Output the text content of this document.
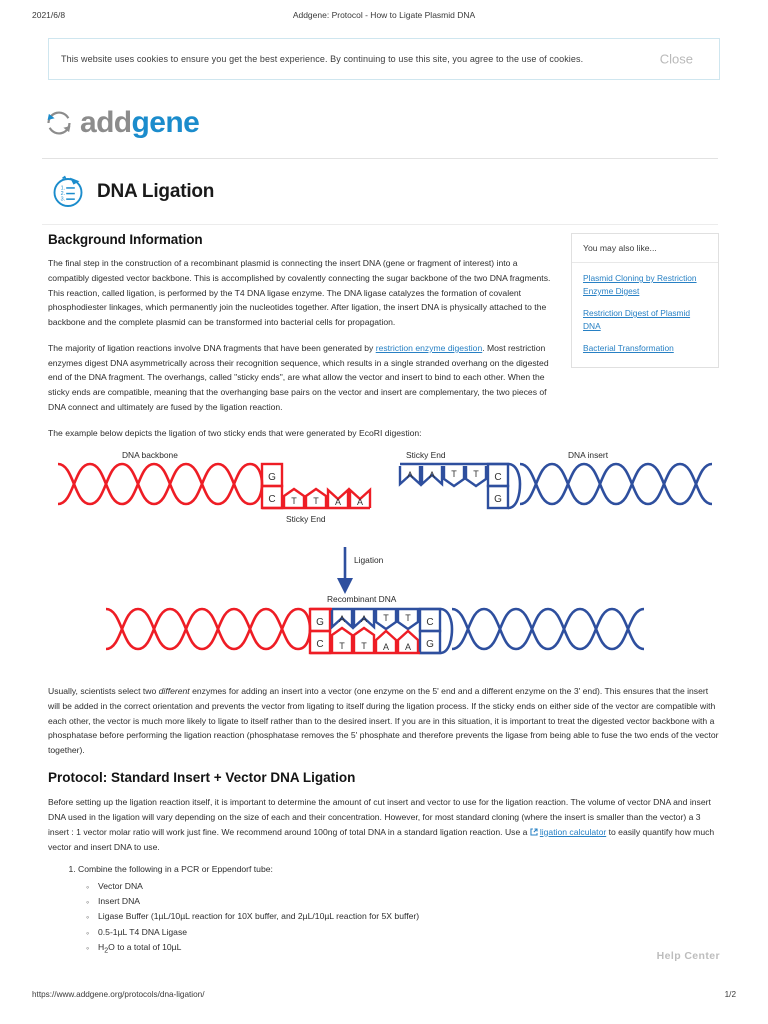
2021/6/8	Addgene: Protocol - How to Ligate Plasmid DNA
This website uses cookies to ensure you get the best experience. By continuing to use this site, you agree to the use of cookies.	Close
addgene
1.
2.
3. DNA Ligation
Background Information

The final step in the construction of a recombinant plasmid is connecting the insert DNA (gene or fragment of interest) into a compatibly digested vector backbone. This is accomplished by covalently connecting the sugar backbone of the two DNA fragments. This reaction, called ligation, is performed by the T4 DNA ligase enzyme. The DNA ligase catalyzes the formation of covalent phosphodiester linkages, which permanently join the nucleotides together. After ligation, the insert DNA is physically attached to the backbone and the complete plasmid can be transformed into bacterial cells for propagation.

The majority of ligation reactions involve DNA fragments that have been generated by restriction enzyme digestion. Most restriction enzymes digest DNA asymmetrically across their recognition sequence, which results in a single stranded overhang on the digested end of the DNA fragment. The overhangs, called "sticky ends", are what allow the vector and insert to bind to each other. When the sticky ends are compatible, meaning that the overhanging base pairs on the vector and insert are complementary, the two pieces of DNA connect and ultimately are fused by the ligation reaction.

The example below depicts the ligation of two sticky ends that were generated by EcoRI digestion:

You may also like...
Plasmid Cloning by Restriction Enzyme Digest
Restriction Digest of Plasmid DNA
Bacterial Transformation
G
C T T A A
A A T T C
G
G
C
A
T
A
T
T T
A A
C
G
DNA backbone
Sticky End
Sticky End	DNA insert
Ligation
Recombinant DNA

Usually, scientists select two different enzymes for adding an insert into a vector (one enzyme on the 5' end and a different enzyme on the 3' end). This ensures that the insert will be added in the correct orientation and prevents the vector from ligating to itself during the ligation process. If the sticky ends on either side of the vector are compatible with each other, the vector is much more likely to ligate to itself rather than to the desired insert. If you are in this situation, it is important to treat the digested vector backbone with a phosphatase before performing the ligation reaction (phosphatase removes the 5' phosphate and therefore prevents the ligase from being able to fuse the two ends of the vector together).

Protocol: Standard Insert + Vector DNA Ligation

Before setting up the ligation reaction itself, it is important to determine the amount of cut insert and vector to use for the ligation reaction. The volume of vector DNA and insert DNA used in the ligation will vary depending on the size of each and their concentration. However, for most standard cloning (where the insert is smaller than the vector) a 3 insert : 1 vector molar ratio will work just fine. We recommend around 100ng of total DNA in a standard ligation reaction. Use a ligation calculator to easily quantify how much vector and insert DNA to use.

1. Combine the following in a PCR or Eppendorf tube:
◦ Vector DNA
◦ Insert DNA
◦ Ligase Buffer (1µL/10µL reaction for 10X buffer, and 2µL/10µL reaction for 5X buffer)
◦ 0.5-1µL T4 DNA Ligase
◦ $H_2O$ to a total of 10µL
Help Center
https://www.addgene.org/protocols/dna-ligation/	1/2
